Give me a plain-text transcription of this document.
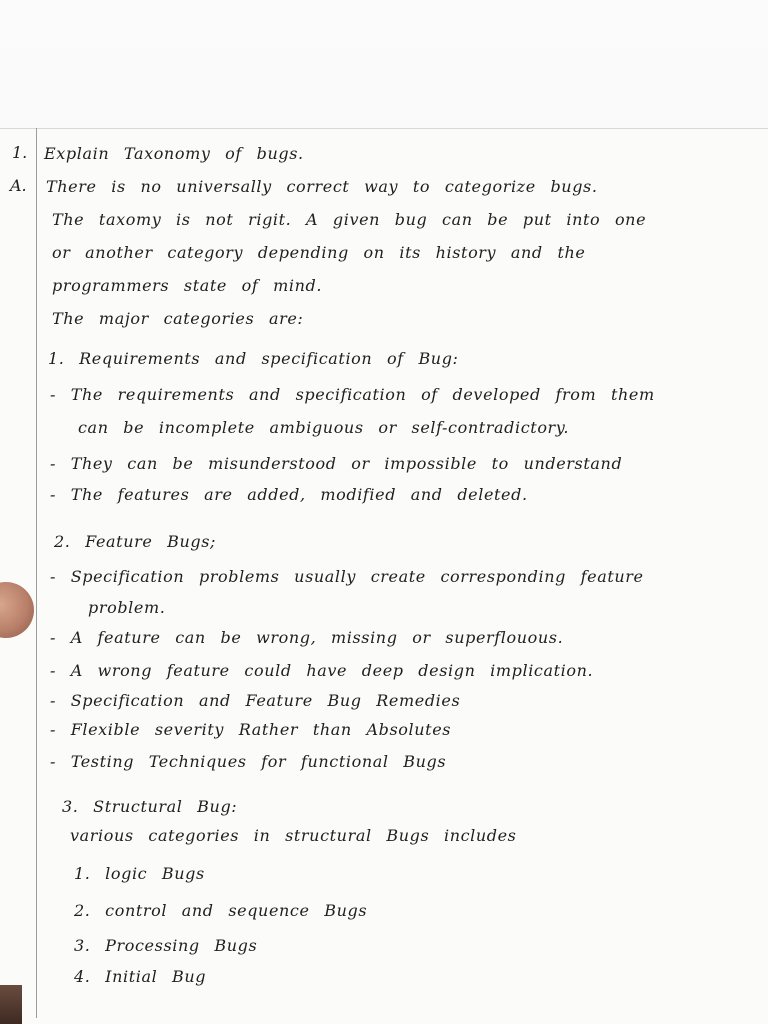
1.
A.
Explain Taxonomy of bugs.
There is no universally correct way to categorize bugs.
The taxomy is not rigit. A given bug can be put into one
or another category depending on its history and the
programmers state of mind.
The major categories are:
1. Requirements and specification of Bug:
- The requirements and specification of developed from them
can be incomplete ambiguous or self-contradictory.
- They can be misunderstood or impossible to understand
- The features are added, modified and deleted.
2. Feature Bugs;
- Specification problems usually create corresponding feature
problem.
- A feature can be wrong, missing or superflouous.
- A wrong feature could have deep design implication.
- Specification and Feature Bug Remedies
- Flexible severity Rather than Absolutes
- Testing Techniques for functional Bugs
3. Structural Bug:
various categories in structural Bugs includes
1. logic Bugs
2. control and sequence Bugs
3. Processing Bugs
4. Initial Bug
